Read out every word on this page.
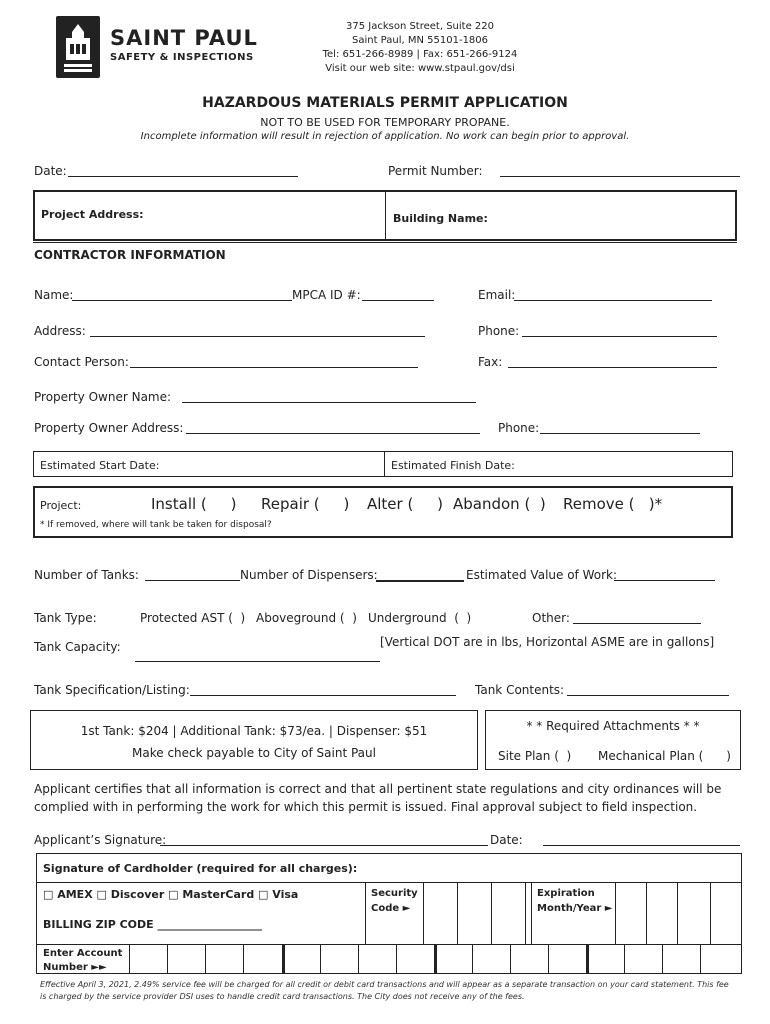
SAINT PAUL
SAFETY & INSPECTIONS
375 Jackson Street, Suite 220
Saint Paul, MN 55101-1806
Tel: 651-266-8989 | Fax: 651-266-9124
Visit our web site: www.stpaul.gov/dsi
HAZARDOUS MATERIALS PERMIT APPLICATION
NOT TO BE USED FOR TEMPORARY PROPANE.
Incomplete information will result in rejection of application. No work can begin prior to approval.
Date:	Permit Number:
Project Address:	Building Name:
CONTRACTOR INFORMATION
Name:	MPCA ID #:	Email:
Address:	Phone:
Contact Person:	Fax:
Property Owner Name:
Property Owner Address:	Phone:
Estimated Start Date:	Estimated Finish Date:
Project:	Install (     ) Repair (     ) Alter (     ) Abandon (  ) Remove (   )*
* If removed, where will tank be taken for disposal?
Number of Tanks:	Number of Dispensers:	Estimated Value of Work:
Tank Type:	Protected AST (  ) Aboveground (  ) Underground  (  )	Other:
Tank Capacity:	[Vertical DOT are in lbs, Horizontal ASME are in gallons]
Tank Specification/Listing:	Tank Contents:
1st Tank: $204 | Additional Tank: $73/ea. | Dispenser: $51
Make check payable to City of Saint Paul
* * Required Attachments * *
Site Plan (  ) Mechanical Plan (      )
Applicant certifies that all information is correct and that all pertinent state regulations and city ordinances will be complied with in performing the work for which this permit is issued. Final approval subject to field inspection.
Applicant’s Signature:	Date:
Signature of Cardholder (required for all charges):
□ AMEX □ Discover □ MasterCard □ Visa
BILLING ZIP CODE ___________________
Security Code ►
Expiration Month/Year ►
Enter Account Number ►►
Effective April 3, 2021, 2.49% service fee will be charged for all credit or debit card transactions and will appear as a separate transaction on your card statement. This fee is charged by the service provider DSI uses to handle credit card transactions. The City does not receive any of the fees.
